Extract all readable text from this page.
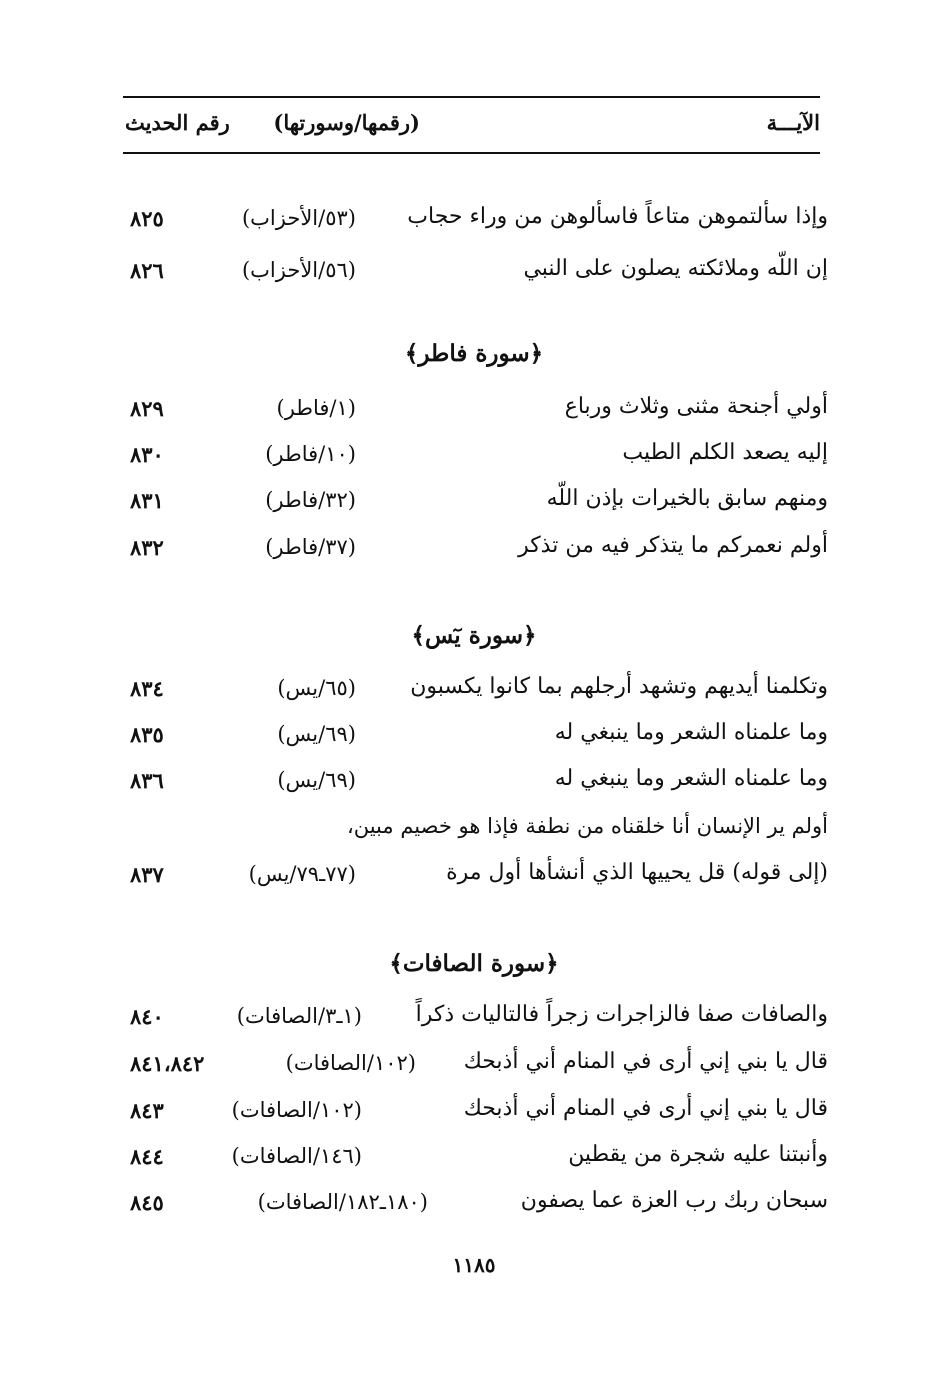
الآيـــة
(رقمها/وسورتها)
رقم الحديث
وإذا سألتموهن متاعاً فاسألوهن من وراء حجاب
(٥٣/الأحزاب)
٨٢٥
إن اللّه وملائكته يصلون على النبي
(٥٦/الأحزاب)
٨٢٦
﴿سورة فاطر﴾
أولي أجنحة مثنى وثلاث ورباع
(١/فاطر)
٨٢٩
إليه يصعد الكلم الطيب
(١٠/فاطر)
٨٣٠
ومنهم سابق بالخيرات بإذن اللّه
(٣٢/فاطر)
٨٣١
أولم نعمركم ما يتذكر فيه من تذكر
(٣٧/فاطر)
٨٣٢
﴿سورة يٓس﴾
وتكلمنا أيديهم وتشهد أرجلهم بما كانوا يكسبون
(٦٥/يس)
٨٣٤
وما علمناه الشعر وما ينبغي له
(٦٩/يس)
٨٣٥
وما علمناه الشعر وما ينبغي له
(٦٩/يس)
٨٣٦
أولم ير الإنسان أنا خلقناه من نطفة فإذا هو خصيم مبين،
(إلى قوله) قل يحييها الذي أنشأها أول مرة
(٧٧ـ٧٩/يس)
٨٣٧
﴿سورة الصافات﴾
والصافات صفا فالزاجرات زجراً فالتاليات ذكراً
(١ـ٣/الصافات)
٨٤٠
قال يا بني إني أرى في المنام أني أذبحك
(١٠٢/الصافات)
٨٤١،٨٤٢
قال يا بني إني أرى في المنام أني أذبحك
(١٠٢/الصافات)
٨٤٣
وأنبتنا عليه شجرة من يقطين
(١٤٦/الصافات)
٨٤٤
سبحان ربك رب العزة عما يصفون
(١٨٠ـ١٨٢/الصافات)
٨٤٥
١١٨٥
